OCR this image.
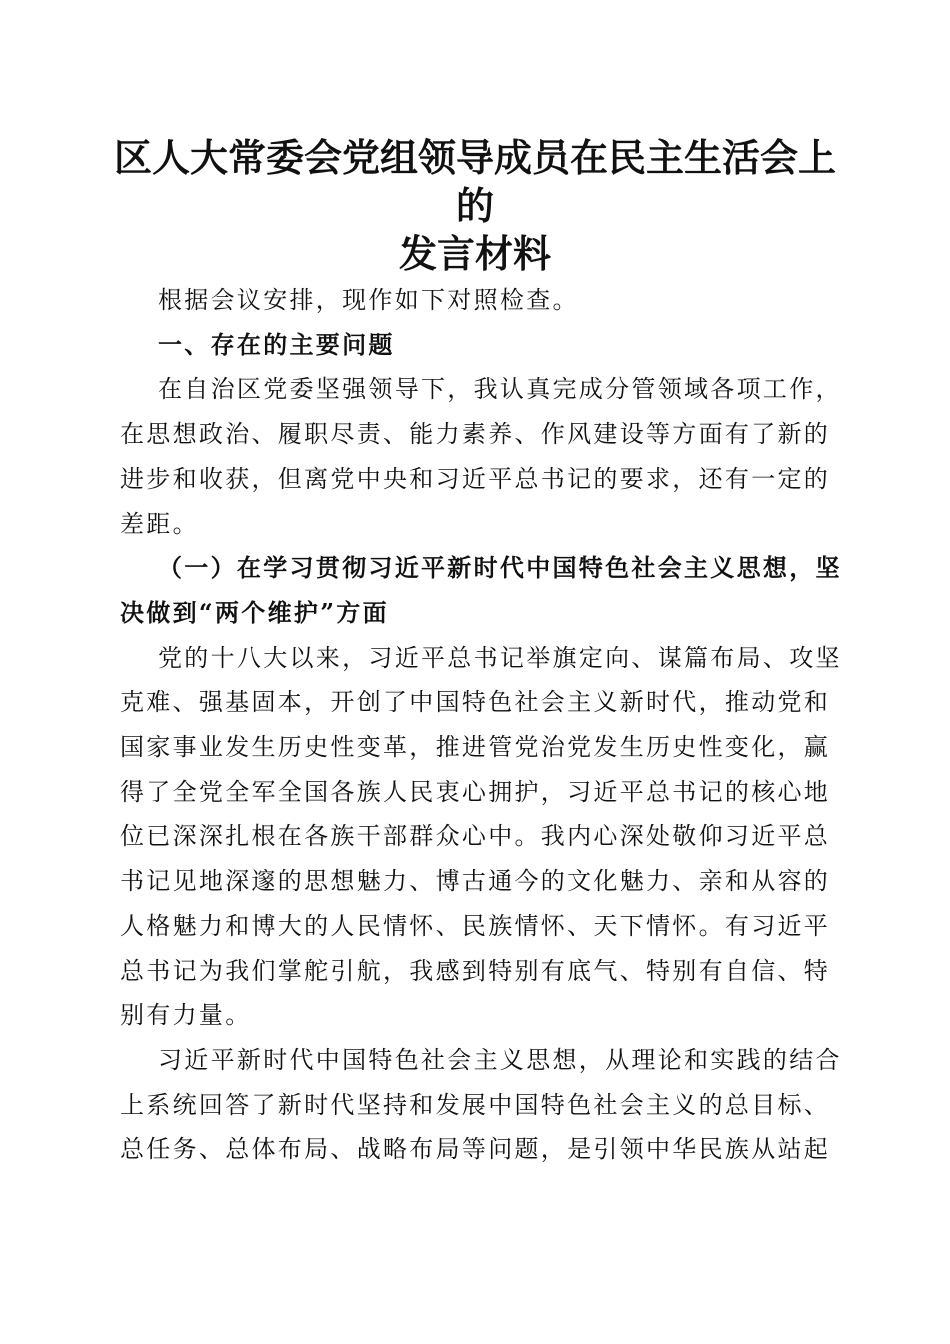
区人大常委会党组领导成员在民主生活会上的
发言材料

根据会议安排，现作如下对照检查。

一、存在的主要问题

在自治区党委坚强领导下，我认真完成分管领域各项工作，
在思想政治、履职尽责、能力素养、作风建设等方面有了新的
进步和收获，但离党中央和习近平总书记的要求，还有一定的
差距。

（一）在学习贯彻习近平新时代中国特色社会主义思想，坚
决做到“两个维护”方面

党的十八大以来，习近平总书记举旗定向、谋篇布局、攻坚
克难、强基固本，开创了中国特色社会主义新时代，推动党和
国家事业发生历史性变革，推进管党治党发生历史性变化，赢
得了全党全军全国各族人民衷心拥护，习近平总书记的核心地
位已深深扎根在各族干部群众心中。我内心深处敬仰习近平总
书记见地深邃的思想魅力、博古通今的文化魅力、亲和从容的
人格魅力和博大的人民情怀、民族情怀、天下情怀。有习近平
总书记为我们掌舵引航，我感到特别有底气、特别有自信、特
别有力量。

习近平新时代中国特色社会主义思想，从理论和实践的结合
上系统回答了新时代坚持和发展中国特色社会主义的总目标、
总任务、总体布局、战略布局等问题，是引领中华民族从站起
